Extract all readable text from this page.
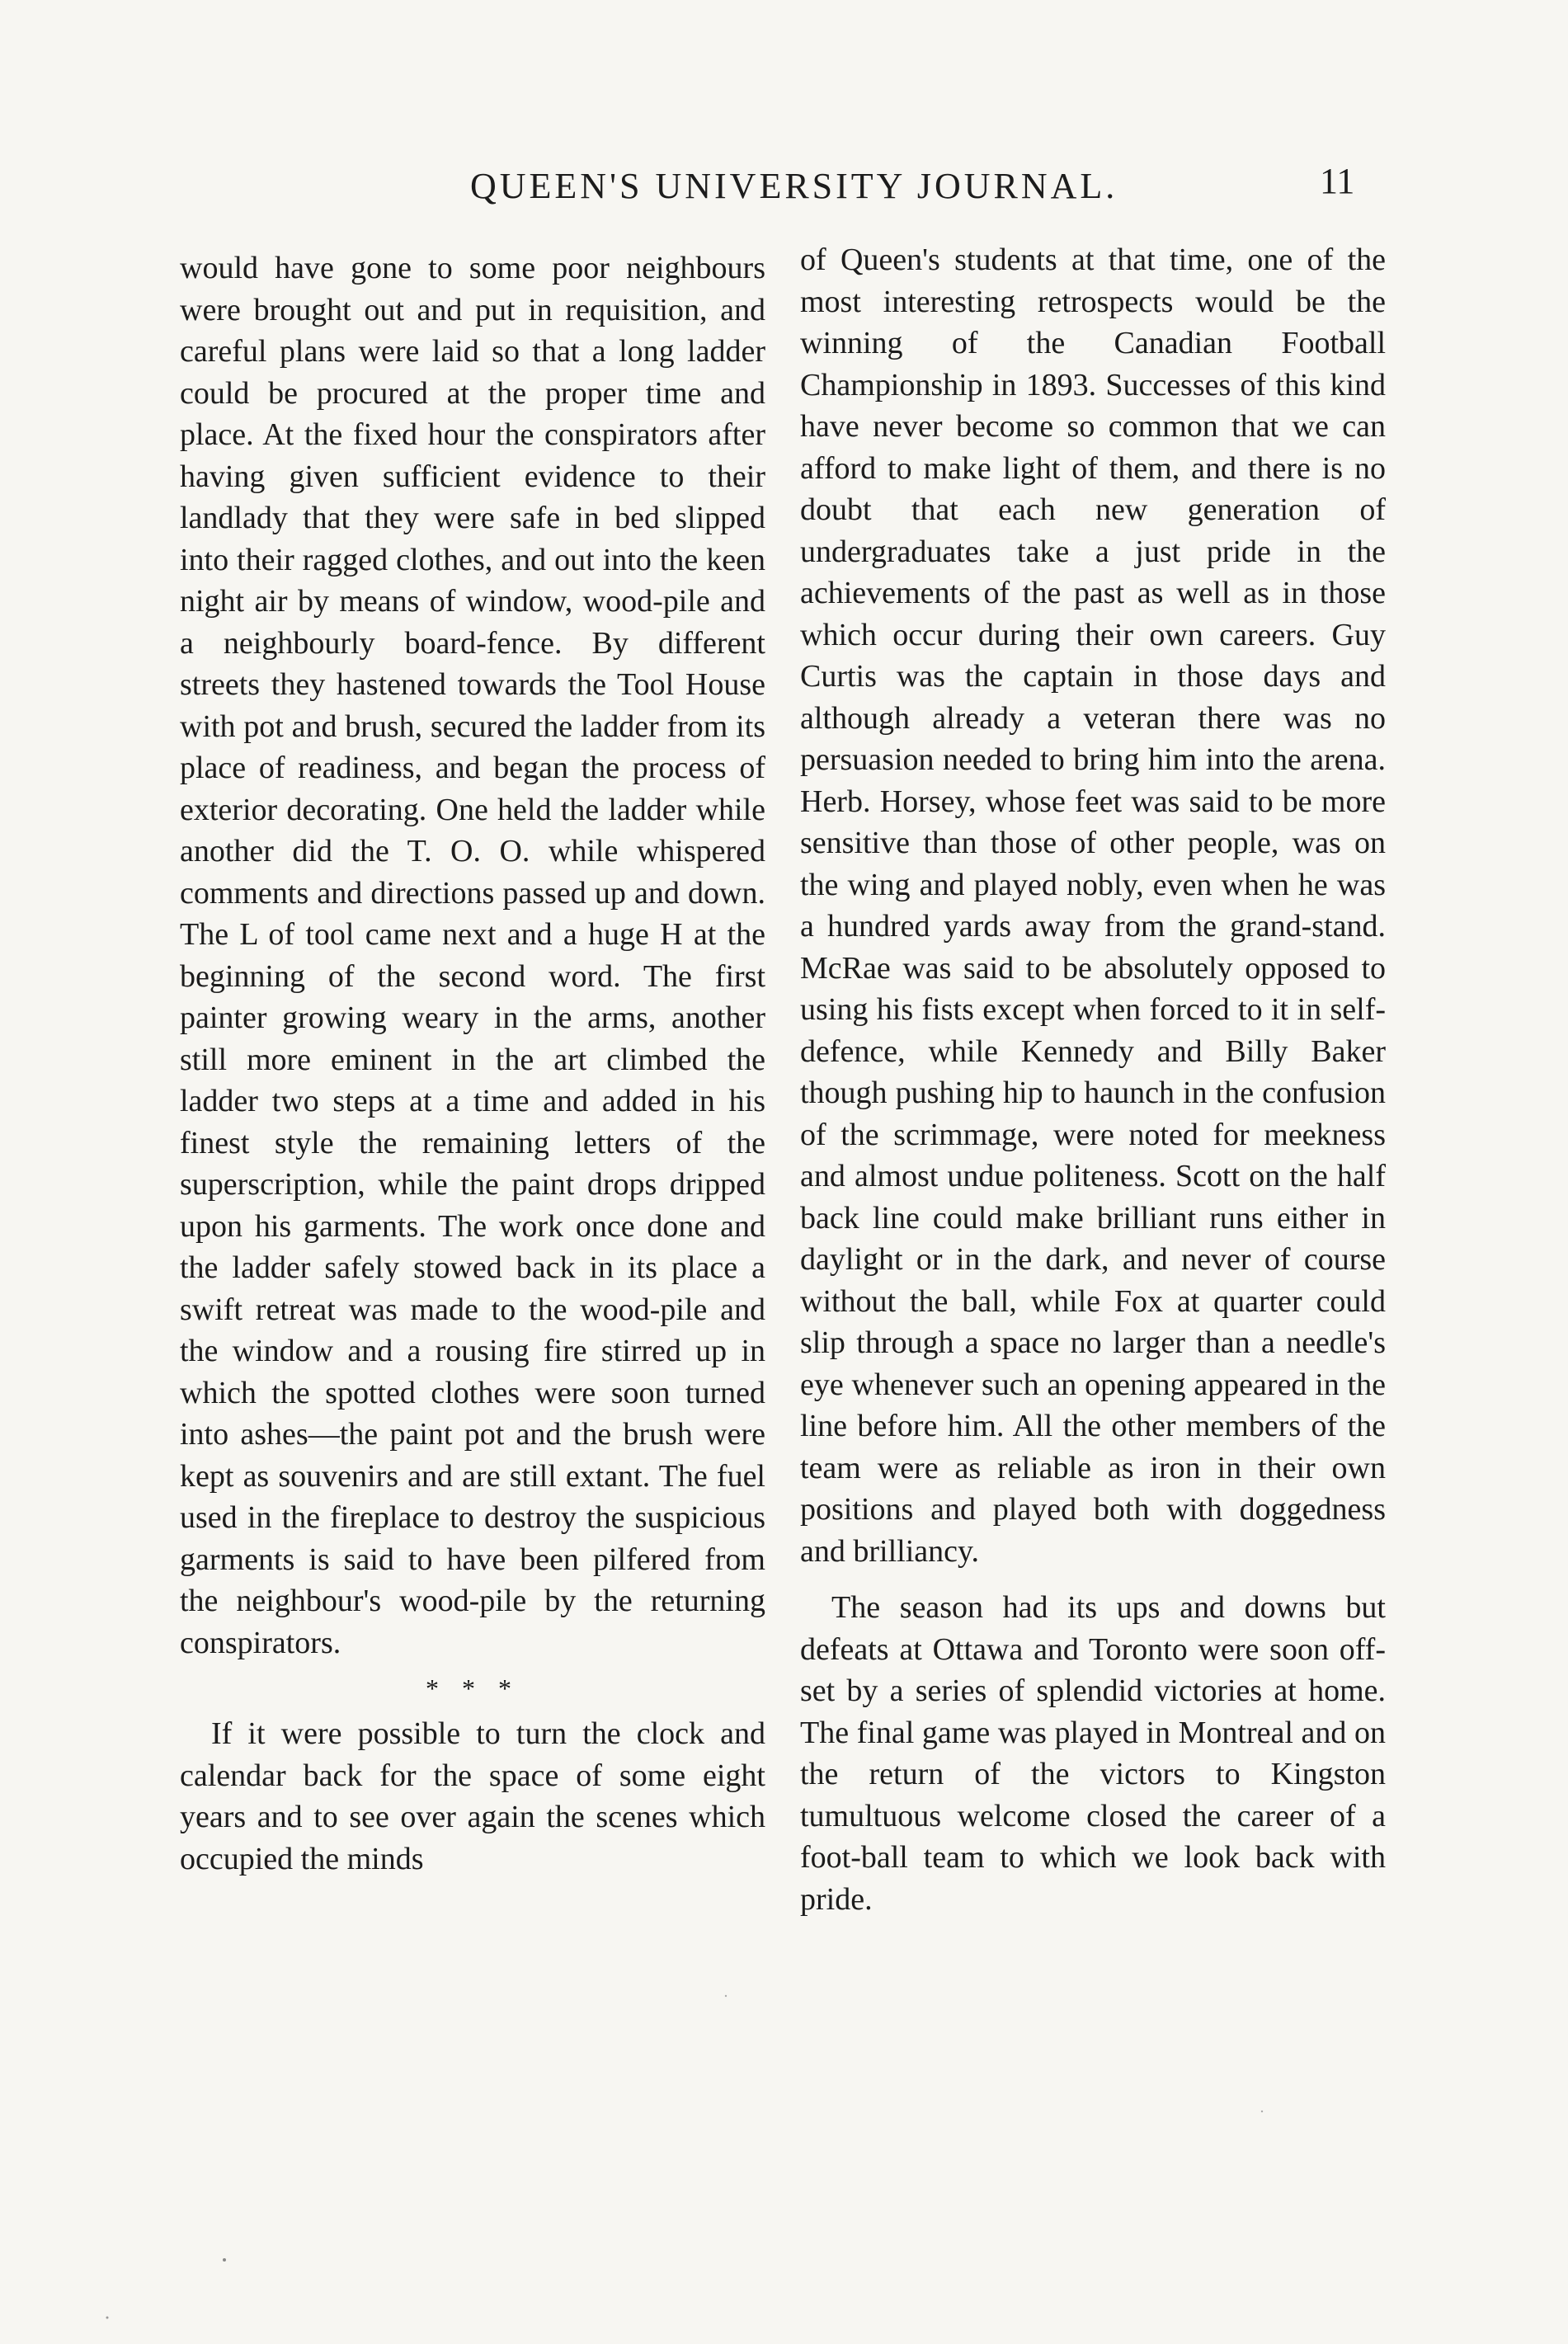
QUEEN'S UNIVERSITY JOURNAL.	11

would have gone to some poor neighbours were brought out and put in requisition, and careful plans were laid so that a long ladder could be procured at the proper time and place. At the fixed hour the conspirators after having given sufficient evidence to their landlady that they were safe in bed slipped into their ragged clothes, and out into the keen night air by means of window, wood-pile and a neighbourly board-fence. By different streets they hastened towards the Tool House with pot and brush, secured the ladder from its place of readiness, and began the process of exterior decorating. One held the ladder while another did the T. O. O. while whispered comments and directions passed up and down. The L of tool came next and a huge H at the beginning of the second word. The first painter growing weary in the arms, another still more eminent in the art climbed the ladder two steps at a time and added in his finest style the remaining letters of the superscription, while the paint drops dripped upon his garments. The work once done and the ladder safely stowed back in its place a swift retreat was made to the wood-pile and the window and a rousing fire stirred up in which the spotted clothes were soon turned into ashes—the paint pot and the brush were kept as souvenirs and are still extant. The fuel used in the fireplace to destroy the suspicious garments is said to have been pilfered from the neighbour's wood-pile by the returning conspirators.

* * *

If it were possible to turn the clock and calendar back for the space of some eight years and to see over again the scenes which occupied the minds

of Queen's students at that time, one of the most interesting retrospects would be the winning of the Canadian Football Championship in 1893. Successes of this kind have never become so common that we can afford to make light of them, and there is no doubt that each new generation of undergraduates take a just pride in the achievements of the past as well as in those which occur during their own careers. Guy Curtis was the captain in those days and although already a veteran there was no persuasion needed to bring him into the arena. Herb. Horsey, whose feet was said to be more sensitive than those of other people, was on the wing and played nobly, even when he was a hundred yards away from the grand-stand. McRae was said to be absolutely opposed to using his fists except when forced to it in self-defence, while Kennedy and Billy Baker though pushing hip to haunch in the confusion of the scrimmage, were noted for meekness and almost undue politeness. Scott on the half back line could make brilliant runs either in daylight or in the dark, and never of course without the ball, while Fox at quarter could slip through a space no larger than a needle's eye whenever such an opening appeared in the line before him. All the other members of the team were as reliable as iron in their own positions and played both with doggedness and brilliancy.

The season had its ups and downs but defeats at Ottawa and Toronto were soon off-set by a series of splendid victories at home. The final game was played in Montreal and on the return of the victors to Kingston tumultuous welcome closed the career of a foot-ball team to which we look back with pride.
